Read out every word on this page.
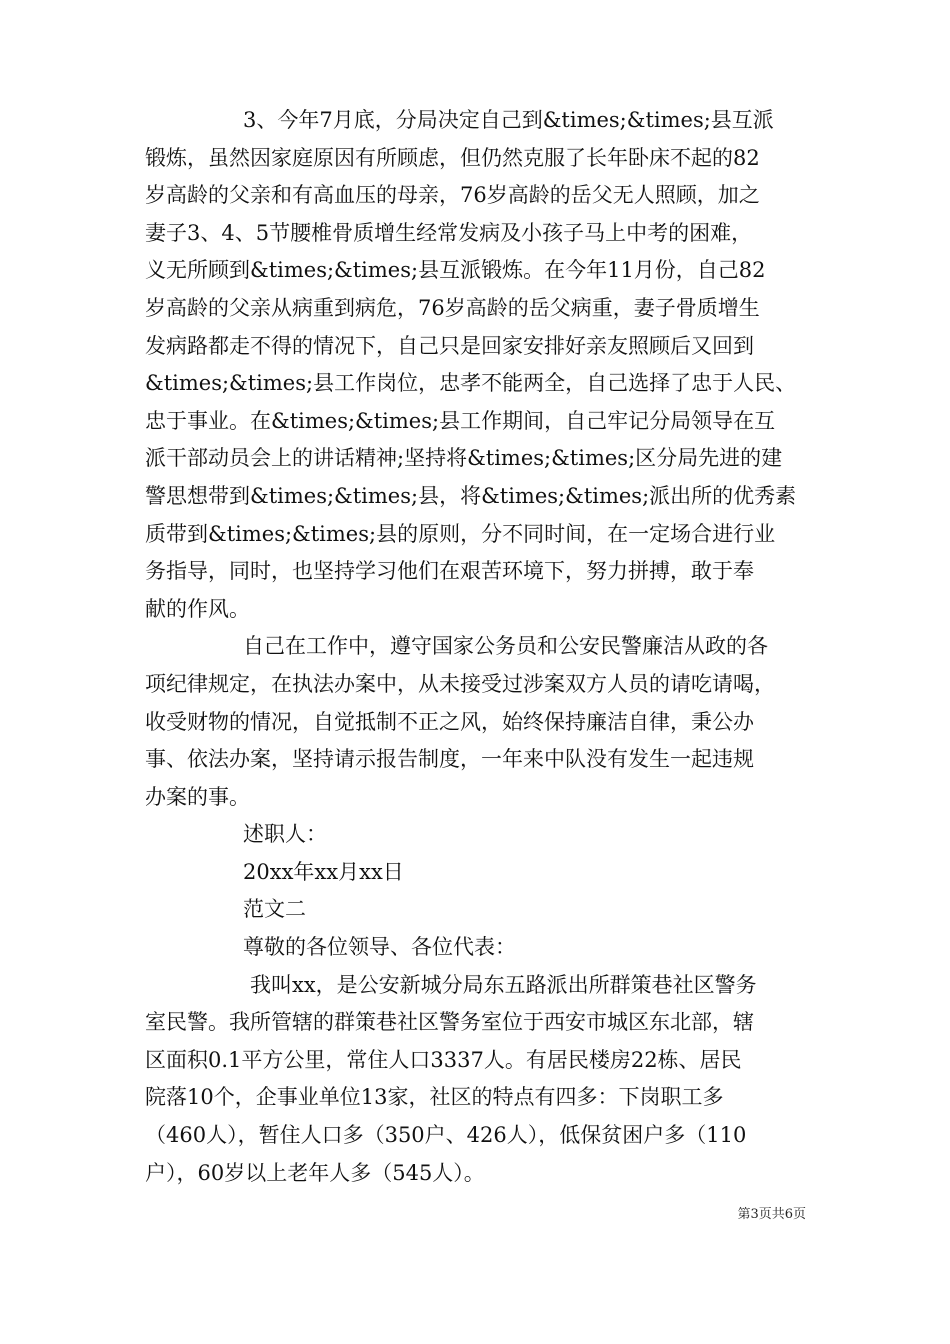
3、今年7月底，分局决定自己到&times;&times;县互派
锻炼，虽然因家庭原因有所顾虑，但仍然克服了长年卧床不起的82
岁高龄的父亲和有高血压的母亲，76岁高龄的岳父无人照顾，加之
妻子3、4、5节腰椎骨质增生经常发病及小孩子马上中考的困难，
义无所顾到&times;&times;县互派锻炼。在今年11月份，自己82
岁高龄的父亲从病重到病危，76岁高龄的岳父病重，妻子骨质增生
发病路都走不得的情况下，自己只是回家安排好亲友照顾后又回到
&times;&times;县工作岗位，忠孝不能两全，自己选择了忠于人民、
忠于事业。在&times;&times;县工作期间，自己牢记分局领导在互
派干部动员会上的讲话精神;坚持将&times;&times;区分局先进的建
警思想带到&times;&times;县，将&times;&times;派出所的优秀素
质带到&times;&times;县的原则，分不同时间，在一定场合进行业
务指导，同时，也坚持学习他们在艰苦环境下，努力拼搏，敢于奉
献的作风。
自己在工作中，遵守国家公务员和公安民警廉洁从政的各
项纪律规定，在执法办案中，从未接受过涉案双方人员的请吃请喝，
收受财物的情况，自觉抵制不正之风，始终保持廉洁自律，秉公办
事、依法办案，坚持请示报告制度，一年来中队没有发生一起违规
办案的事。
述职人：
20xx年xx月xx日
范文二
尊敬的各位领导、各位代表：
我叫xx，是公安新城分局东五路派出所群策巷社区警务
室民警。我所管辖的群策巷社区警务室位于西安市城区东北部，辖
区面积0.1平方公里，常住人口3337人。有居民楼房22栋、居民
院落10个，企事业单位13家，社区的特点有四多：下岗职工多
（460人），暂住人口多（350户、426人），低保贫困户多（110
户），60岁以上老年人多（545人）。
第3页共6页
